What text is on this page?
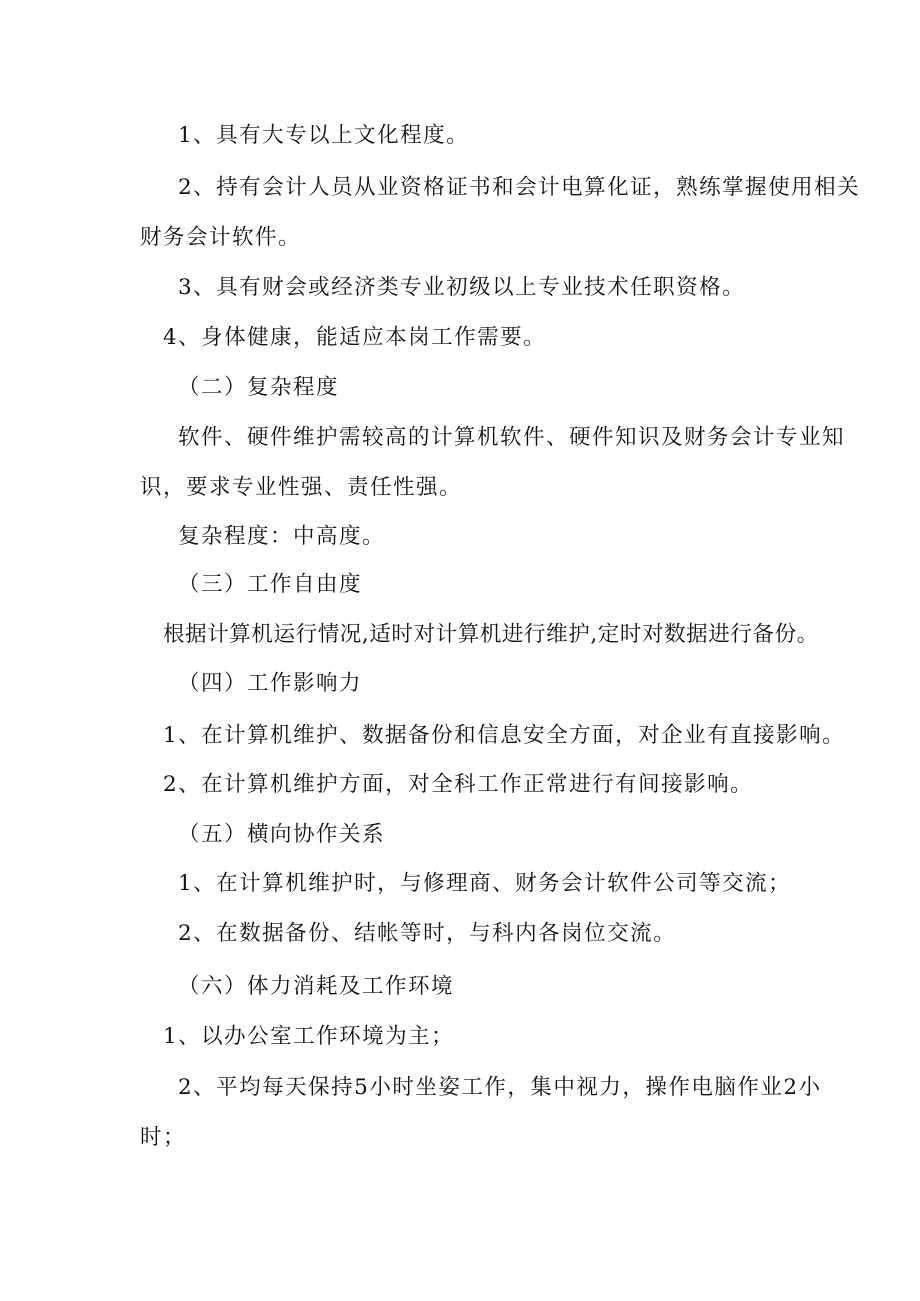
1、具有大专以上文化程度。
2、持有会计人员从业资格证书和会计电算化证，熟练掌握使用相关
财务会计软件。
3、具有财会或经济类专业初级以上专业技术任职资格。
4、身体健康，能适应本岗工作需要。
（二）复杂程度
软件、硬件维护需较高的计算机软件、硬件知识及财务会计专业知
识，要求专业性强、责任性强。
复杂程度：中高度。
（三）工作自由度
根据计算机运行情况,适时对计算机进行维护,定时对数据进行备份。
（四）工作影响力
1、在计算机维护、数据备份和信息安全方面，对企业有直接影响。
2、在计算机维护方面，对全科工作正常进行有间接影响。
（五）横向协作关系
1、在计算机维护时，与修理商、财务会计软件公司等交流；
2、在数据备份、结帐等时，与科内各岗位交流。
（六）体力消耗及工作环境
1、以办公室工作环境为主；
2、平均每天保持5小时坐姿工作，集中视力，操作电脑作业2小
时；
